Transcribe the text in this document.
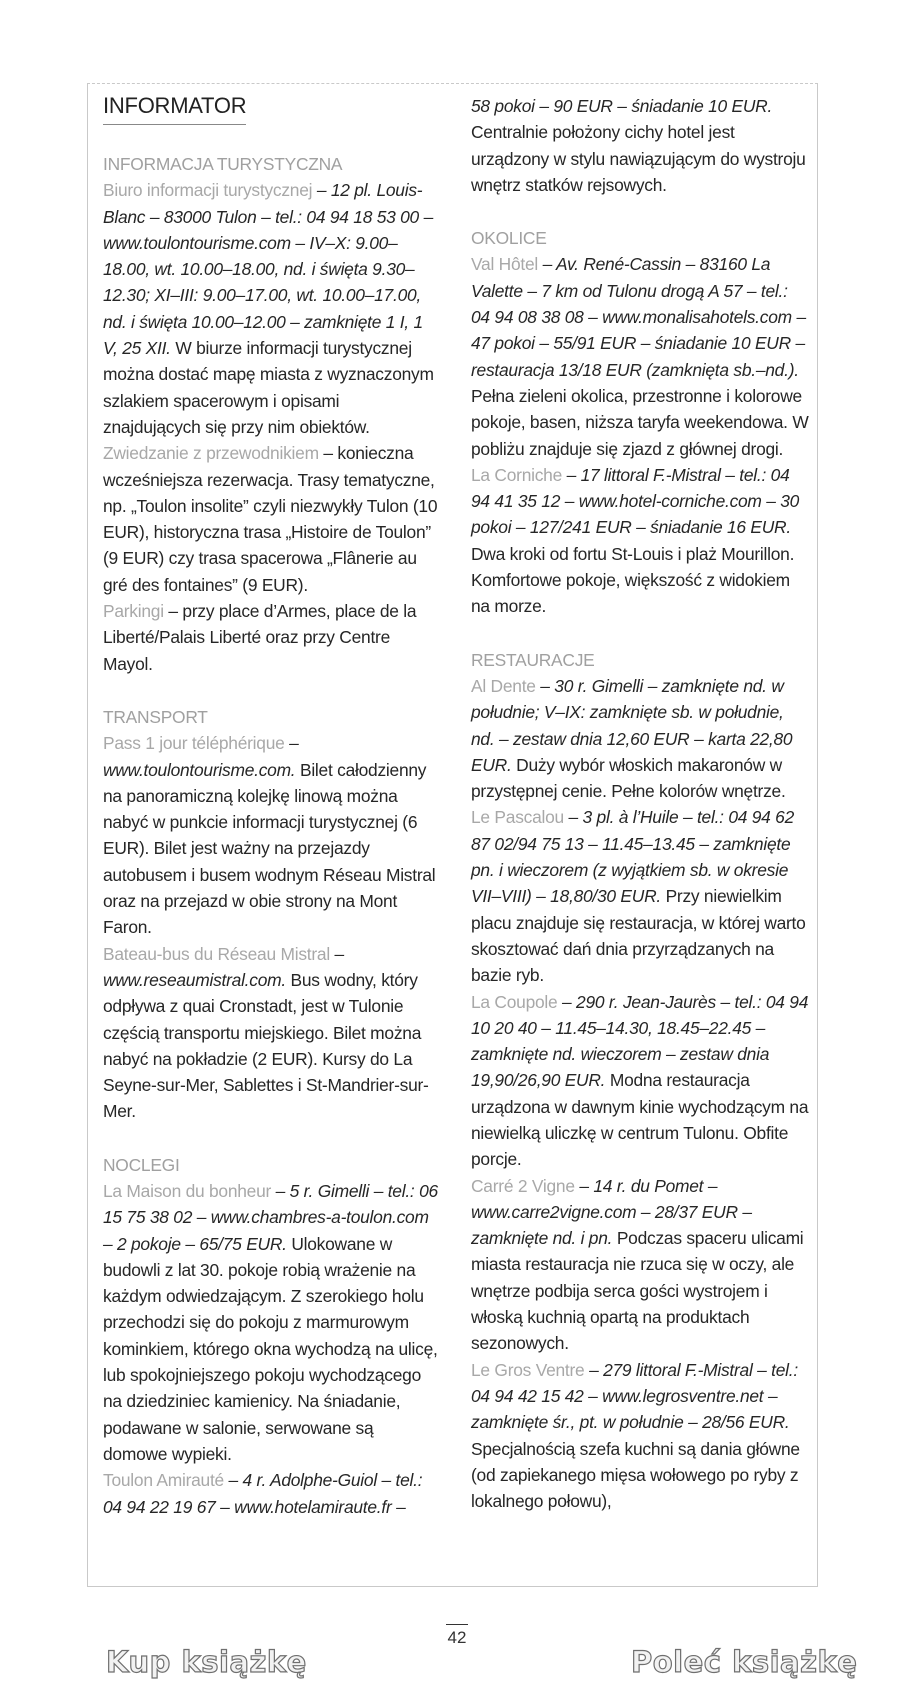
INFORMATOR
INFORMACJA TURYSTYCZNA

Biuro informacji turystycznej – 12 pl. Louis-Blanc – 83000 Tulon – tel.: 04 94 18 53 00 – www.toulontourisme.com – IV–X: 9.00–18.00, wt. 10.00–18.00, nd. i święta 9.30–12.30; XI–III: 9.00–17.00, wt. 10.00–17.00, nd. i święta 10.00–12.00 – zamknięte 1 I, 1 V, 25 XII. W biurze informacji turystycznej można dostać mapę miasta z wyznaczonym szlakiem spacerowym i opisami znajdujących się przy nim obiektów.

Zwiedzanie z przewodnikiem – konieczna wcześniejsza rezerwacja. Trasy tematyczne, np. „Toulon insolite” czyli niezwykły Tulon (10 EUR), historyczna trasa „Histoire de Toulon” (9 EUR) czy trasa spacerowa „Flânerie au gré des fontaines” (9 EUR).

Parkingi – przy place d’Armes, place de la Liberté/Palais Liberté oraz przy Centre Mayol.

TRANSPORT

Pass 1 jour téléphérique – www.toulontourisme.com. Bilet całodzienny na panoramiczną kolejkę linową można nabyć w punkcie informacji turystycznej (6 EUR). Bilet jest ważny na przejazdy autobusem i busem wodnym Réseau Mistral oraz na przejazd w obie strony na Mont Faron.

Bateau-bus du Réseau Mistral – www.reseaumistral.com. Bus wodny, który odpływa z quai Cronstadt, jest w Tulonie częścią transportu miejskiego. Bilet można nabyć na pokładzie (2 EUR). Kursy do La Seyne-sur-Mer, Sablettes i St-Mandrier-sur-Mer.

NOCLEGI

La Maison du bonheur – 5 r. Gimelli – tel.: 06 15 75 38 02 – www.chambres-a-toulon.com – 2 pokoje – 65/75 EUR. Ulokowane w budowli z lat 30. pokoje robią wrażenie na każdym odwiedzającym. Z szerokiego holu przechodzi się do pokoju z marmurowym kominkiem, którego okna wychodzą na ulicę, lub spokojniejszego pokoju wychodzącego na dziedziniec kamienicy. Na śniadanie, podawane w salonie, serwowane są domowe wypieki.

Toulon Amirauté – 4 r. Adolphe-Guiol – tel.: 04 94 22 19 67 – www.hotelamiraute.fr –

58 pokoi – 90 EUR – śniadanie 10 EUR. Centralnie położony cichy hotel jest urządzony w stylu nawiązującym do wystroju wnętrz statków rejsowych.

OKOLICE

Val Hôtel – Av. René-Cassin – 83160 La Valette – 7 km od Tulonu drogą A 57 – tel.: 04 94 08 38 08 – www.monalisahotels.com – 47 pokoi – 55/91 EUR – śniadanie 10 EUR – restauracja 13/18 EUR (zamknięta sb.–nd.). Pełna zieleni okolica, przestronne i kolorowe pokoje, basen, niższa taryfa weekendowa. W pobliżu znajduje się zjazd z głównej drogi.

La Corniche – 17 littoral F.-Mistral – tel.: 04 94 41 35 12 – www.hotel-corniche.com – 30 pokoi – 127/241 EUR – śniadanie 16 EUR. Dwa kroki od fortu St-Louis i plaż Mourillon. Komfortowe pokoje, większość z widokiem na morze.

RESTAURACJE

Al Dente – 30 r. Gimelli – zamknięte nd. w południe; V–IX: zamknięte sb. w południe, nd. – zestaw dnia 12,60 EUR – karta 22,80 EUR. Duży wybór włoskich makaronów w przystępnej cenie. Pełne kolorów wnętrze.

Le Pascalou – 3 pl. à l’Huile – tel.: 04 94 62 87 02/94 75 13 – 11.45–13.45 – zamknięte pn. i wieczorem (z wyjątkiem sb. w okresie VII–VIII) – 18,80/30 EUR. Przy niewielkim placu znajduje się restauracja, w której warto skosztować dań dnia przyrządzanych na bazie ryb.

La Coupole – 290 r. Jean-Jaurès – tel.: 04 94 10 20 40 – 11.45–14.30, 18.45–22.45 – zamknięte nd. wieczorem – zestaw dnia 19,90/26,90 EUR. Modna restauracja urządzona w dawnym kinie wychodzącym na niewielką uliczkę w centrum Tulonu. Obfite porcje.

Carré 2 Vigne – 14 r. du Pomet – www.carre2vigne.com – 28/37 EUR – zamknięte nd. i pn. Podczas spaceru ulicami miasta restauracja nie rzuca się w oczy, ale wnętrze podbija serca gości wystrojem i włoską kuchnią opartą na produktach sezonowych.

Le Gros Ventre – 279 littoral F.-Mistral – tel.: 04 94 42 15 42 – www.legrosventre.net – zamknięte śr., pt. w południe – 28/56 EUR. Specjalnością szefa kuchni są dania główne (od zapiekanego mięsa wołowego po ryby z lokalnego połowu),

42
Kup książkę	Poleć książkę
